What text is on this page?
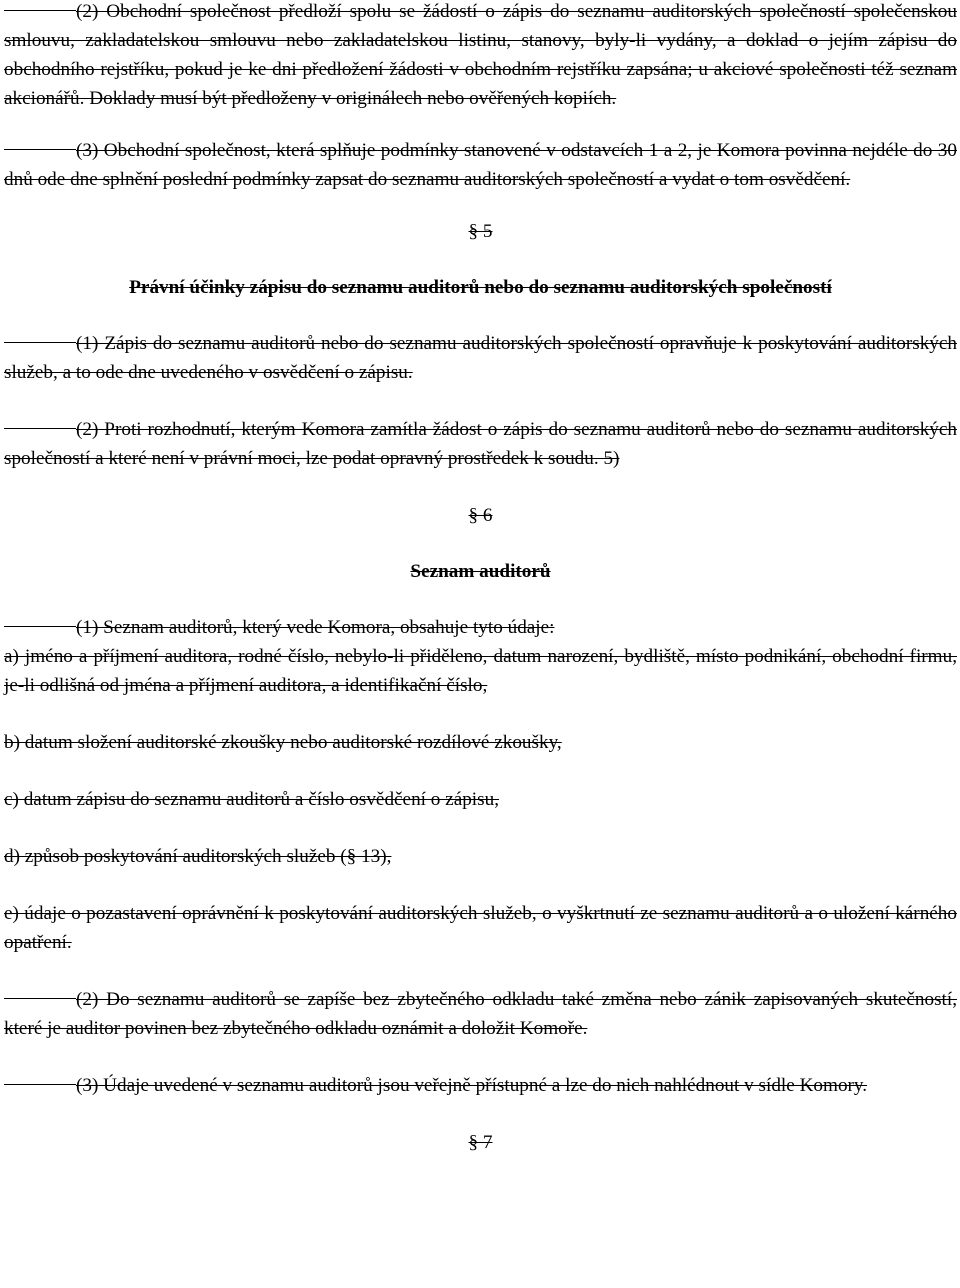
(2) Obchodní společnost předloží spolu se žádostí o zápis do seznamu auditorských společností společenskou smlouvu, zakladatelskou smlouvu nebo zakladatelskou listinu, stanovy, byly-li vydány, a doklad o jejím zápisu do obchodního rejstříku, pokud je ke dni předložení žádosti v obchodním rejstříku zapsána; u akciové společnosti též seznam akcionářů. Doklady musí být předloženy v originálech nebo ověřených kopiích.

(3) Obchodní společnost, která splňuje podmínky stanovené v odstavcích 1 a 2, je Komora povinna nejdéle do 30 dnů ode dne splnění poslední podmínky zapsat do seznamu auditorských společností a vydat o tom osvědčení.

§ 5

Právní účinky zápisu do seznamu auditorů nebo do seznamu auditorských společností

(1) Zápis do seznamu auditorů nebo do seznamu auditorských společností opravňuje k poskytování auditorských služeb, a to ode dne uvedeného v osvědčení o zápisu.

(2) Proti rozhodnutí, kterým Komora zamítla žádost o zápis do seznamu auditorů nebo do seznamu auditorských společností a které není v právní moci, lze podat opravný prostředek k soudu. 5)

§ 6

Seznam auditorů

(1) Seznam auditorů, který vede Komora, obsahuje tyto údaje:

a) jméno a příjmení auditora, rodné číslo, nebylo-li přiděleno, datum narození, bydliště, místo podnikání, obchodní firmu, je-li odlišná od jména a příjmení auditora, a identifikační číslo,

b) datum složení auditorské zkoušky nebo auditorské rozdílové zkoušky,

c) datum zápisu do seznamu auditorů a číslo osvědčení o zápisu,

d) způsob poskytování auditorských služeb (§ 13),

e) údaje o pozastavení oprávnění k poskytování auditorských služeb, o vyškrtnutí ze seznamu auditorů a o uložení kárného opatření.

(2) Do seznamu auditorů se zapíše bez zbytečného odkladu také změna nebo zánik zapisovaných skutečností, které je auditor povinen bez zbytečného odkladu oznámit a doložit Komoře.

(3) Údaje uvedené v seznamu auditorů jsou veřejně přístupné a lze do nich nahlédnout v sídle Komory.

§ 7
